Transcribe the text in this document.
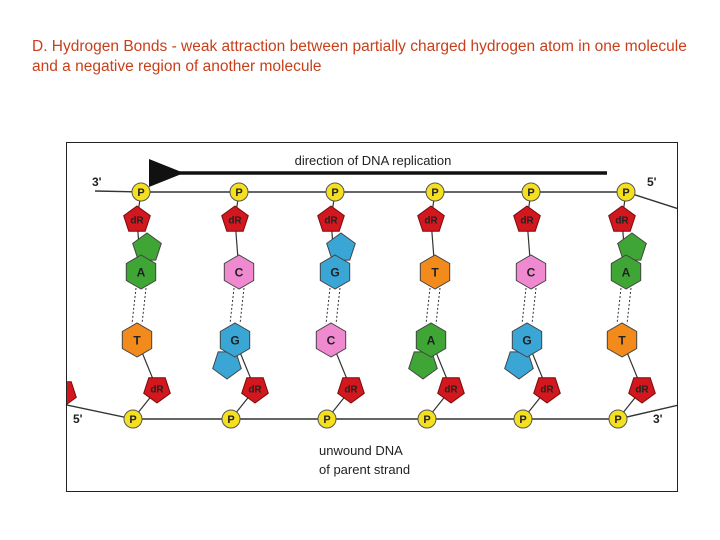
D. Hydrogen Bonds - weak attraction between partially charged hydrogen atom in one molecule and a negative region of another molecule

P
P
dR
dR
A
T
P
P
dR
dR
C
G
P
P
dR
dR
G
C
P
P
dR
dR
T
A
P
P
dR
dR
C
G
P
P
dR
dR
A
T
direction of DNA replication
3'	5'
5'	3'
unwound DNA
of parent strand
